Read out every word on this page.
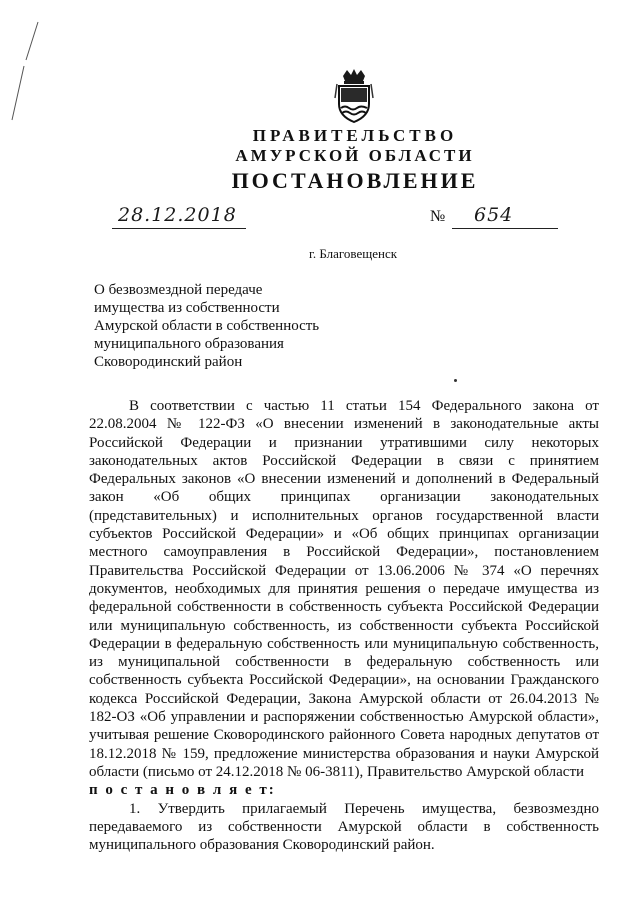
ПРАВИТЕЛЬСТВО
АМУРСКОЙ ОБЛАСТИ
ПОСТАНОВЛЕНИЕ
28.12.2018	№ 654
г. Благовещенск
О безвозмездной передаче
имущества из собственности
Амурской области в собственность
муниципального образования
Сковородинский район

В соответствии с частью 11 статьи 154 Федерального закона от 22.08.2004 № 122-ФЗ «О внесении изменений в законодательные акты Российской Федерации и признании утратившими силу некоторых законодательных актов Российской Федерации в связи с принятием Федеральных законов «О внесении изменений и дополнений в Федеральный закон «Об общих принципах организации законодательных (представительных) и исполнительных органов государственной власти субъектов Российской Федерации» и «Об общих принципах организации местного самоуправления в Российской Федерации», постановлением Правительства Российской Федерации от 13.06.2006 № 374 «О перечнях документов, необходимых для принятия решения о передаче имущества из федеральной собственности в собственность субъекта Российской Федерации или муниципальную собственность, из собственности субъекта Российской Федерации в федеральную собственность или муниципальную собственность, из муниципальной собственности в федеральную собственность или собственность субъекта Российской Федерации», на основании Гражданского кодекса Российской Федерации, Закона Амурской области от 26.04.2013 № 182-ОЗ «Об управлении и распоряжении собственностью Амурской области», учитывая решение Сковородинского районного Совета народных депутатов от 18.12.2018 № 159, предложение министерства образования и науки Амурской области (письмо от 24.12.2018 № 06-3811), Правительство Амурской области

п о с т а н о в л я е т:

1. Утвердить прилагаемый Перечень имущества, безвозмездно передаваемого из собственности Амурской области в собственность муниципального образования Сковородинский район.
